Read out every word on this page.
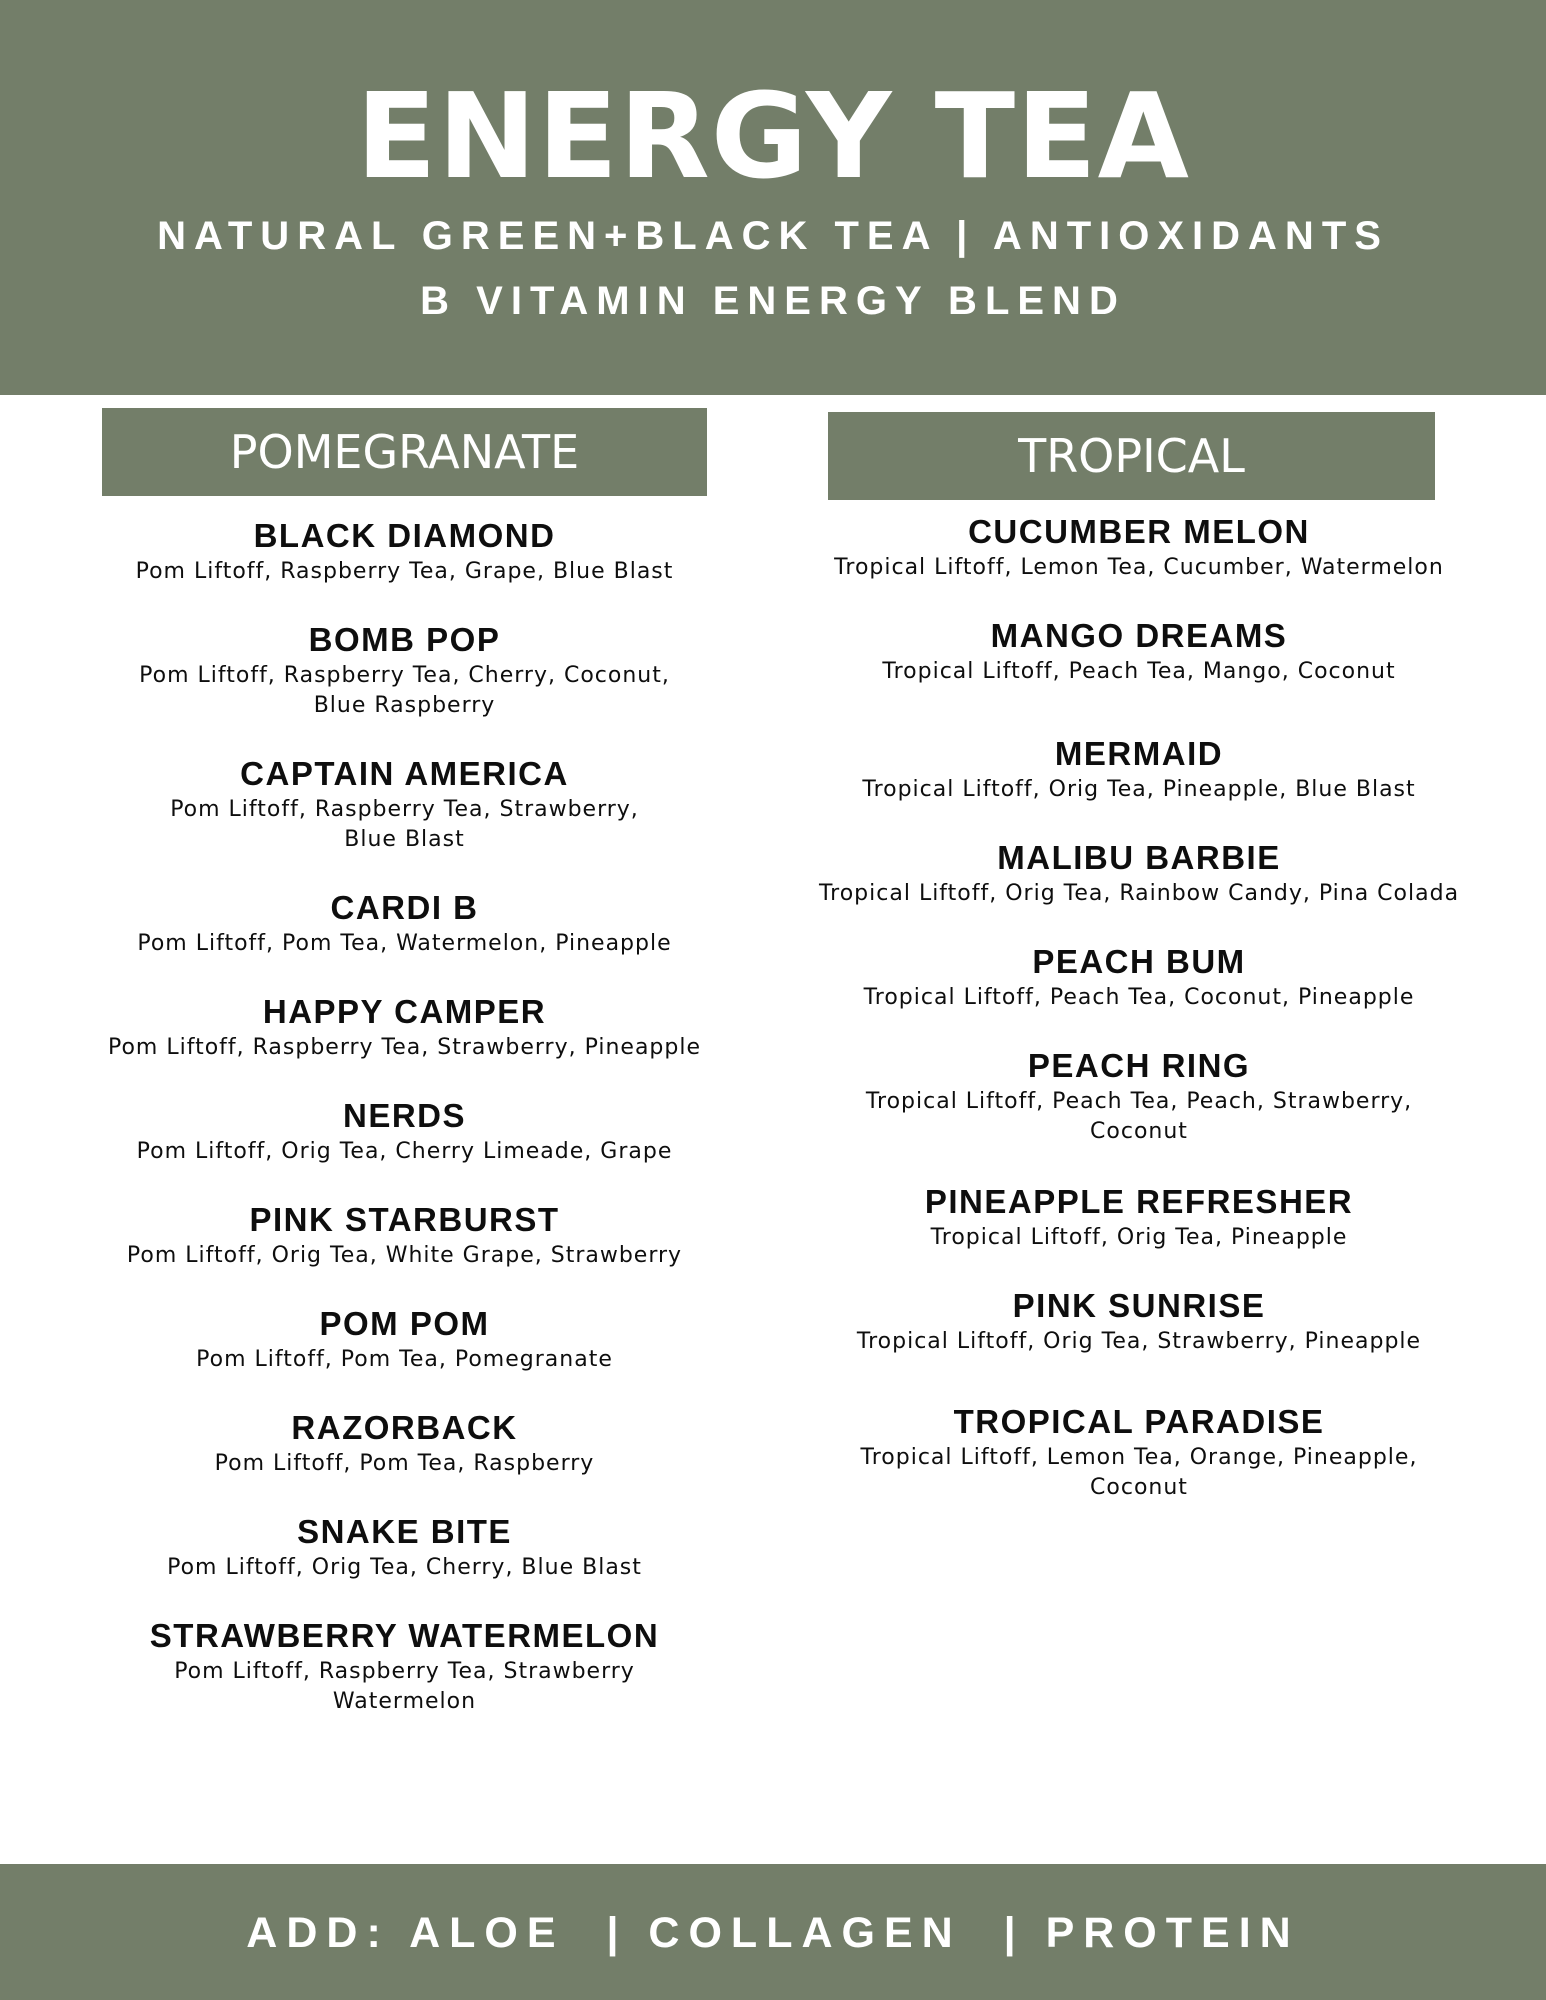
ENERGY TEA
NATURAL GREEN+BLACK TEA | ANTIOXIDANTS
B VITAMIN ENERGY BLEND
POMEGRANATE	TROPICAL
BLACK DIAMOND
Pom Liftoff, Raspberry Tea, Grape, Blue Blast
BOMB POP
Pom Liftoff, Raspberry Tea, Cherry, Coconut,
Blue Raspberry
CAPTAIN AMERICA
Pom Liftoff, Raspberry Tea, Strawberry,
Blue Blast
CARDI B
Pom Liftoff, Pom Tea, Watermelon, Pineapple
HAPPY CAMPER
Pom Liftoff, Raspberry Tea, Strawberry, Pineapple
NERDS
Pom Liftoff, Orig Tea, Cherry Limeade, Grape
PINK STARBURST
Pom Liftoff, Orig Tea, White Grape, Strawberry
POM POM
Pom Liftoff, Pom Tea, Pomegranate
RAZORBACK
Pom Liftoff, Pom Tea, Raspberry
SNAKE BITE
Pom Liftoff, Orig Tea, Cherry, Blue Blast
STRAWBERRY WATERMELON
Pom Liftoff, Raspberry Tea, Strawberry
Watermelon
CUCUMBER MELON
Tropical Liftoff, Lemon Tea, Cucumber, Watermelon
MANGO DREAMS
Tropical Liftoff, Peach Tea, Mango, Coconut
MERMAID
Tropical Liftoff, Orig Tea, Pineapple, Blue Blast
MALIBU BARBIE
Tropical Liftoff, Orig Tea, Rainbow Candy, Pina Colada
PEACH BUM
Tropical Liftoff, Peach Tea, Coconut, Pineapple
PEACH RING
Tropical Liftoff, Peach Tea, Peach, Strawberry,
Coconut
PINEAPPLE REFRESHER
Tropical Liftoff, Orig Tea, Pineapple
PINK SUNRISE
Tropical Liftoff, Orig Tea, Strawberry, Pineapple
TROPICAL PARADISE
Tropical Liftoff, Lemon Tea, Orange, Pineapple,
Coconut
ADD: ALOE  | COLLAGEN  | PROTEIN
